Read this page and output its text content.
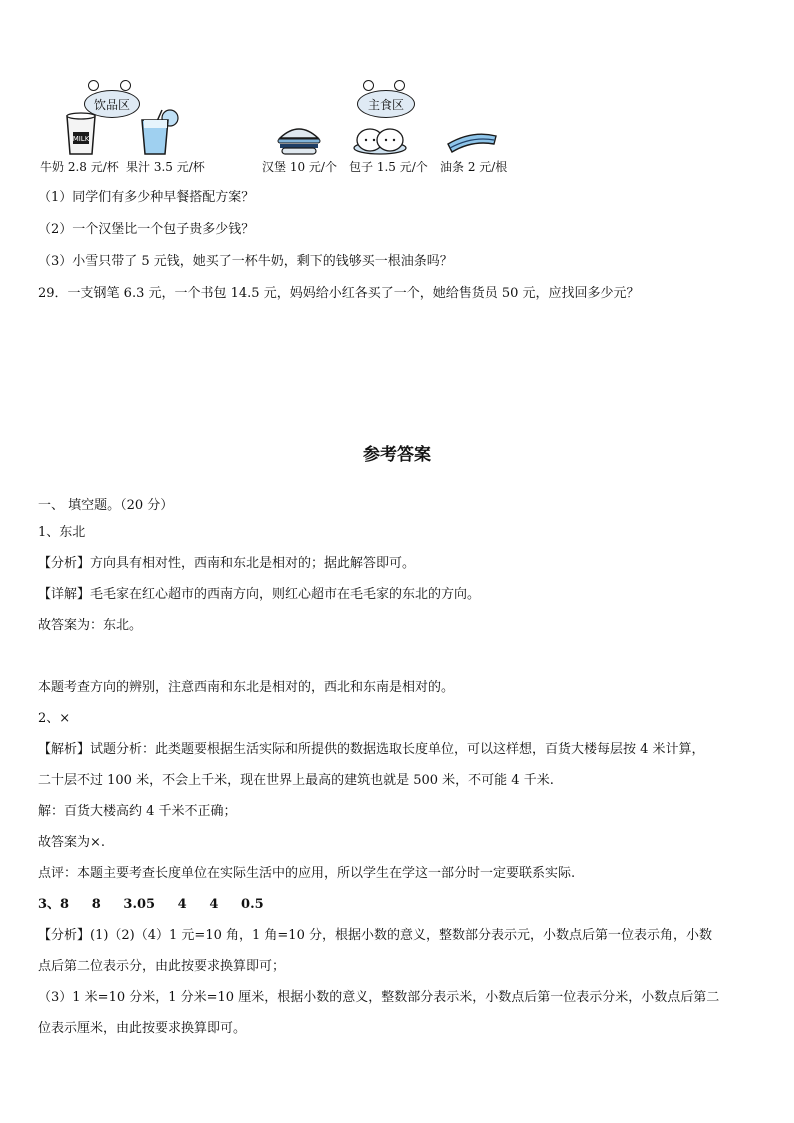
饮品区	主食区
MILK
牛奶 2.8 元/杯 果汁 3.5 元/杯	汉堡 10 元/个 包子 1.5 元/个 油条 2 元/根
（1）同学们有多少种早餐搭配方案？
（2）一个汉堡比一个包子贵多少钱？
（3）小雪只带了 5 元钱，她买了一杯牛奶，剩下的钱够买一根油条吗？
29．一支钢笔 6.3 元，一个书包 14.5 元，妈妈给小红各买了一个，她给售货员 50 元，应找回多少元？
参考答案
一、 填空题。（20 分）
1、东北
【分析】方向具有相对性，西南和东北是相对的；据此解答即可。
【详解】毛毛家在红心超市的西南方向，则红心超市在毛毛家的东北的方向。
故答案为：东北。
本题考查方向的辨别，注意西南和东北是相对的，西北和东南是相对的。
2、×
【解析】试题分析：此类题要根据生活实际和所提供的数据选取长度单位，可以这样想，百货大楼每层按 4 米计算，
二十层不过 100 米，不会上千米，现在世界上最高的建筑也就是 500 米，不可能 4 千米.
解：百货大楼高约 4 千米不正确；
故答案为×.
点评：本题主要考查长度单位在实际生活中的应用，所以学生在学这一部分时一定要联系实际.
3、8     8     3.05     4     4     0.5
【分析】(1)（2)（4）1 元=10 角，1 角=10 分，根据小数的意义，整数部分表示元，小数点后第一位表示角，小数
点后第二位表示分，由此按要求换算即可；
（3）1 米=10 分米，1 分米=10 厘米，根据小数的意义，整数部分表示米，小数点后第一位表示分米，小数点后第二
位表示厘米，由此按要求换算即可。
